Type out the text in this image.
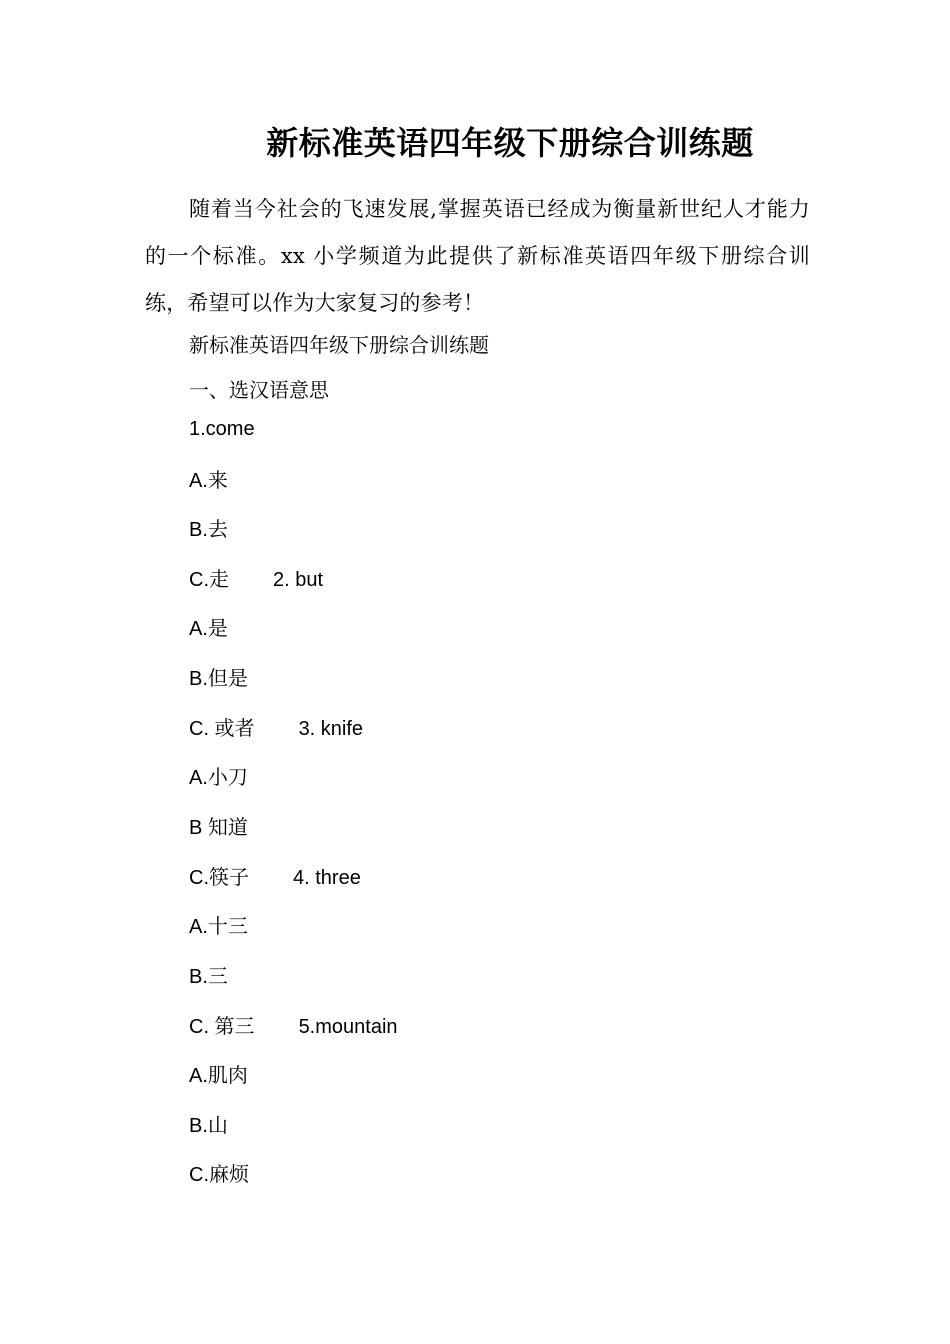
新标准英语四年级下册综合训练题

随着当今社会的飞速发展,掌握英语已经成为衡量新世纪人才能力的一个标准。xx 小学频道为此提供了新标准英语四年级下册综合训练，希望可以作为大家复习的参考！

新标准英语四年级下册综合训练题
一、选汉语意思
1.come
A.来
B.去
C.走 2. but
A.是
B.但是
C. 或者 3. knife
A.小刀
B 知道
C.筷子 4. three
A.十三
B.三
C. 第三 5.mountain
A.肌肉
B.山
C.麻烦
